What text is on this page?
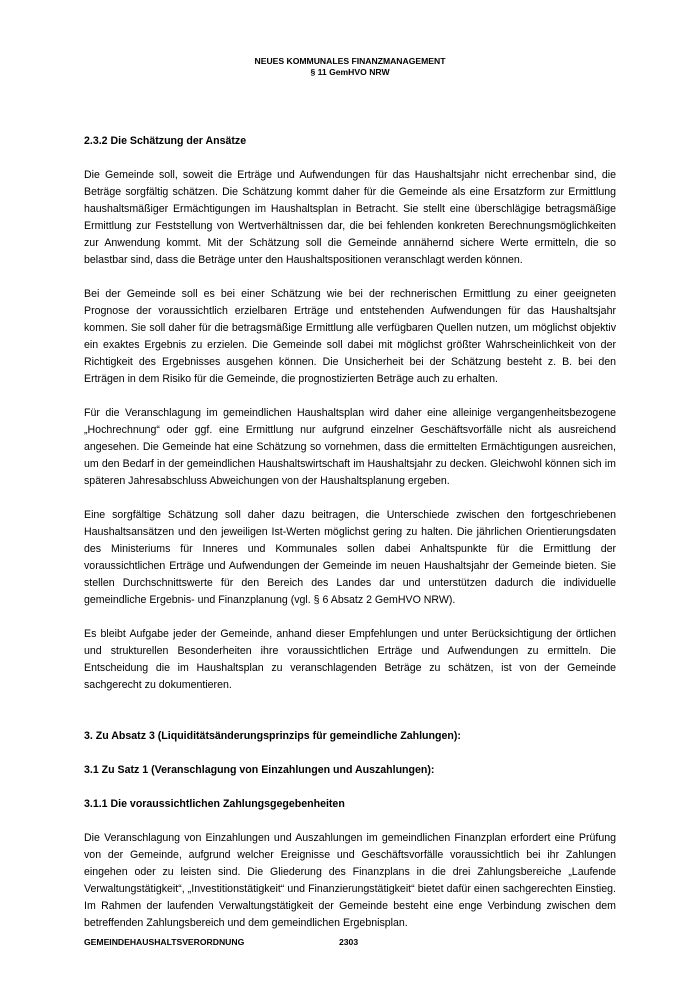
NEUES KOMMUNALES FINANZMANAGEMENT
§ 11 GemHVO NRW

2.3.2 Die Schätzung der Ansätze

Die Gemeinde soll, soweit die Erträge und Aufwendungen für das Haushaltsjahr nicht errechenbar sind, die Beträge sorgfältig schätzen. Die Schätzung kommt daher für die Gemeinde als eine Ersatzform zur Ermittlung haushaltsmäßiger Ermächtigungen im Haushaltsplan in Betracht. Sie stellt eine überschlägige betragsmäßige Ermittlung zur Feststellung von Wertverhältnissen dar, die bei fehlenden konkreten Berechnungsmöglichkeiten zur Anwendung kommt. Mit der Schätzung soll die Gemeinde annähernd sichere Werte ermitteln, die so belastbar sind, dass die Beträge unter den Haushaltspositionen veranschlagt werden können.

Bei der Gemeinde soll es bei einer Schätzung wie bei der rechnerischen Ermittlung zu einer geeigneten Prognose der voraussichtlich erzielbaren Erträge und entstehenden Aufwendungen für das Haushaltsjahr kommen. Sie soll daher für die betragsmäßige Ermittlung alle verfügbaren Quellen nutzen, um möglichst objektiv ein exaktes Ergebnis zu erzielen. Die Gemeinde soll dabei mit möglichst größter Wahrscheinlichkeit von der Richtigkeit des Ergebnisses ausgehen können. Die Unsicherheit bei der Schätzung besteht z. B. bei den Erträgen in dem Risiko für die Gemeinde, die prognostizierten Beträge auch zu erhalten.

Für die Veranschlagung im gemeindlichen Haushaltsplan wird daher eine alleinige vergangenheitsbezogene „Hochrechnung“ oder ggf. eine Ermittlung nur aufgrund einzelner Geschäftsvorfälle nicht als ausreichend angesehen. Die Gemeinde hat eine Schätzung so vornehmen, dass die ermittelten Ermächtigungen ausreichen, um den Bedarf in der gemeindlichen Haushaltswirtschaft im Haushaltsjahr zu decken. Gleichwohl können sich im späteren Jahresabschluss Abweichungen von der Haushaltsplanung ergeben.

Eine sorgfältige Schätzung soll daher dazu beitragen, die Unterschiede zwischen den fortgeschriebenen Haushaltsansätzen und den jeweiligen Ist-Werten möglichst gering zu halten. Die jährlichen Orientierungsdaten des Ministeriums für Inneres und Kommunales sollen dabei Anhaltspunkte für die Ermittlung der voraussichtlichen Erträge und Aufwendungen der Gemeinde im neuen Haushaltsjahr der Gemeinde bieten. Sie stellen Durchschnittswerte für den Bereich des Landes dar und unterstützen dadurch die individuelle gemeindliche Ergebnis- und Finanzplanung (vgl. § 6 Absatz 2 GemHVO NRW).

Es bleibt Aufgabe jeder der Gemeinde, anhand dieser Empfehlungen und unter Berücksichtigung der örtlichen und strukturellen Besonderheiten ihre voraussichtlichen Erträge und Aufwendungen zu ermitteln. Die Entscheidung die im Haushaltsplan zu veranschlagenden Beträge zu schätzen, ist von der Gemeinde sachgerecht zu dokumentieren.

3. Zu Absatz 3 (Liquiditätsänderungsprinzips für gemeindliche Zahlungen):

3.1 Zu Satz 1 (Veranschlagung von Einzahlungen und Auszahlungen):

3.1.1 Die voraussichtlichen Zahlungsgegebenheiten

Die Veranschlagung von Einzahlungen und Auszahlungen im gemeindlichen Finanzplan erfordert eine Prüfung von der Gemeinde, aufgrund welcher Ereignisse und Geschäftsvorfälle voraussichtlich bei ihr Zahlungen eingehen oder zu leisten sind. Die Gliederung des Finanzplans in die drei Zahlungsbereiche „Laufende Verwaltungstätigkeit“, „Investitionstätigkeit“ und Finanzierungstätigkeit“ bietet dafür einen sachgerechten Einstieg. Im Rahmen der laufenden Verwaltungstätigkeit der Gemeinde besteht eine enge Verbindung zwischen dem betreffenden Zahlungsbereich und dem gemeindlichen Ergebnisplan.

GEMEINDEHAUSHALTSVERORDNUNG	2303
